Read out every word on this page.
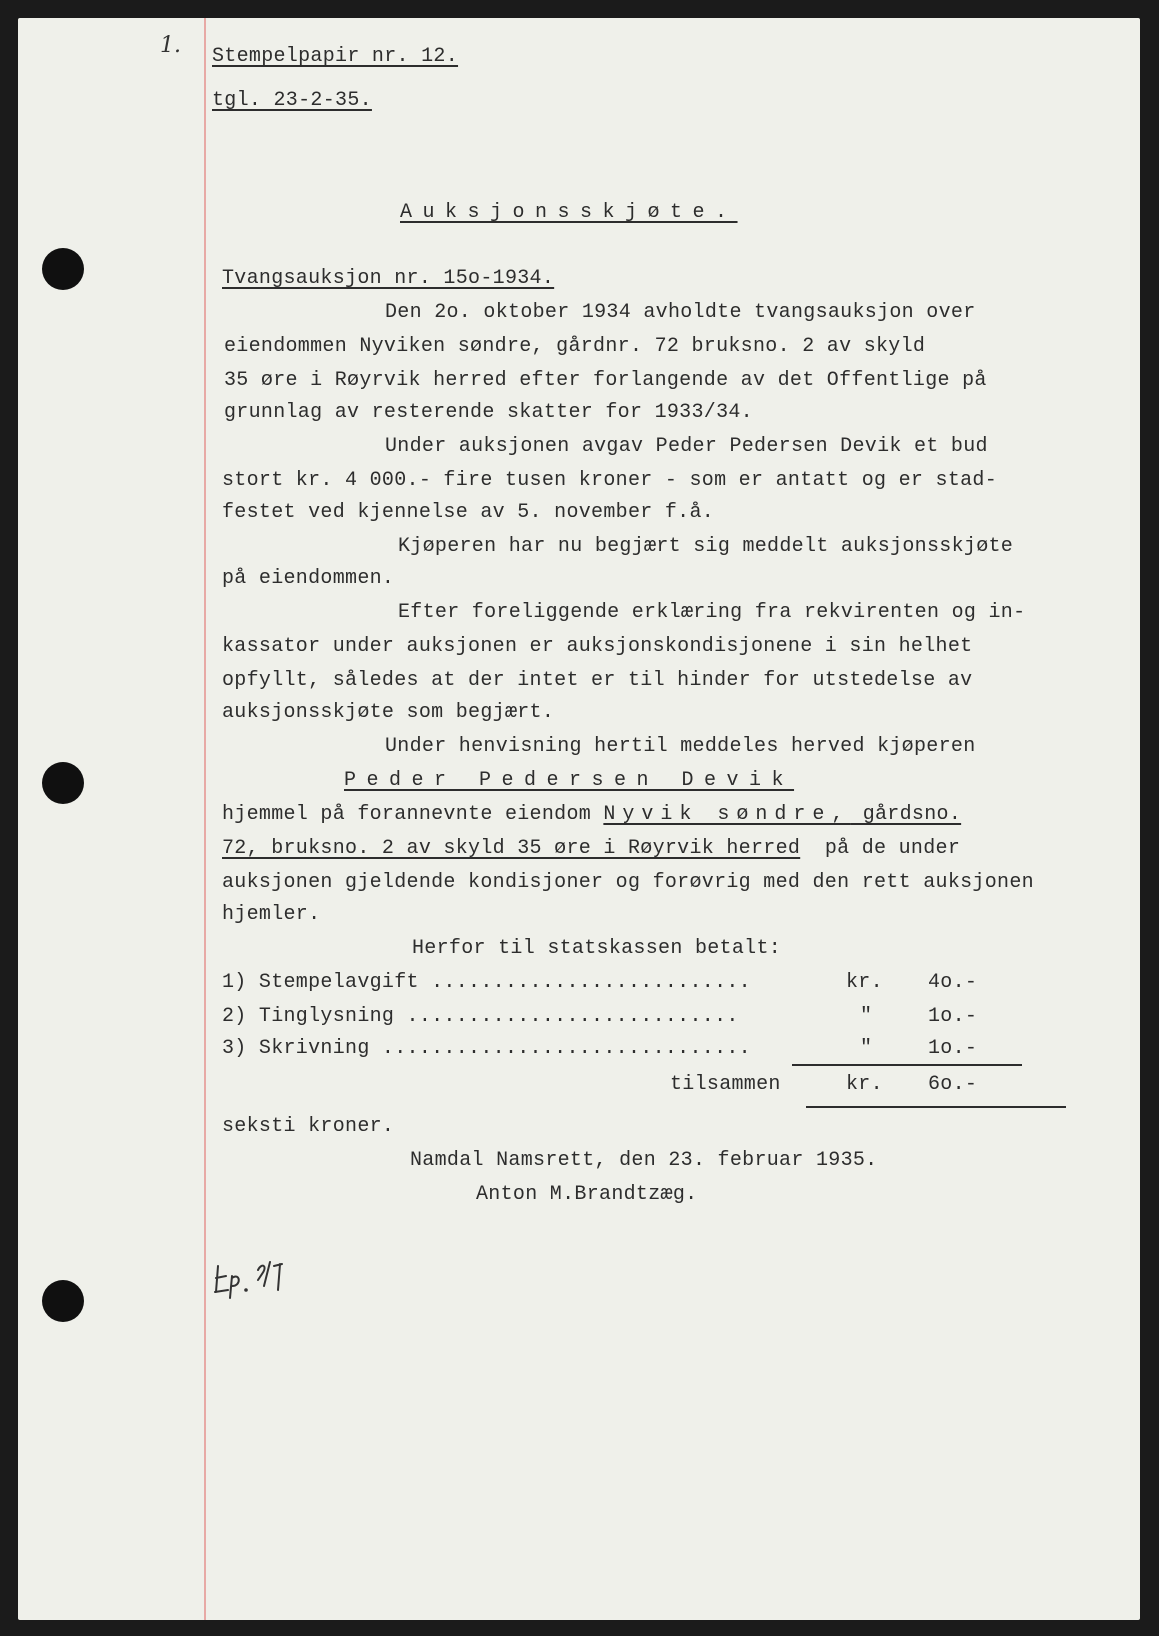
1. Stempelpapir nr. 12.
tgl. 23-2-35.
Auksjonsskjøte.
Tvangsauksjon nr. 15o-1934.
Den 2o. oktober 1934 avholdte tvangsauksjon over
eiendommen Nyviken søndre, gårdnr. 72 bruksno. 2 av skyld
35 øre i Røyrvik herred efter forlangende av det Offentlige på
grunnlag av resterende skatter for 1933/34.
Under auksjonen avgav Peder Pedersen Devik et bud
stort kr. 4 000.- fire tusen kroner - som er antatt og er stad-
festet ved kjennelse av 5. november f.å.
Kjøperen har nu begjært sig meddelt auksjonsskjøte
på eiendommen.
Efter foreliggende erklæring fra rekvirenten og in-
kassator under auksjonen er auksjonskondisjonene i sin helhet
opfyllt, således at der intet er til hinder for utstedelse av
auksjonsskjøte som begjært.
Under henvisning hertil meddeles herved kjøperen
Peder Pedersen Devik
hjemmel på forannevnte eiendom Nyvik søndre, gårdsno.
72, bruksno. 2 av skyld 35 øre i Røyrvik herred på de under
auksjonen gjeldende kondisjoner og forøvrig med den rett auksjonen
hjemler.
Herfor til statskassen betalt:
1) Stempelavgift ..........................	kr. 4o.-
2) Tinglysning ...........................	"	1o.-
3) Skrivning ..............................	"	1o.-
tilsammen	kr. 6o.-
seksti kroner.
Namdal Namsrett, den 23. februar 1935.
Anton M.Brandtzæg.
